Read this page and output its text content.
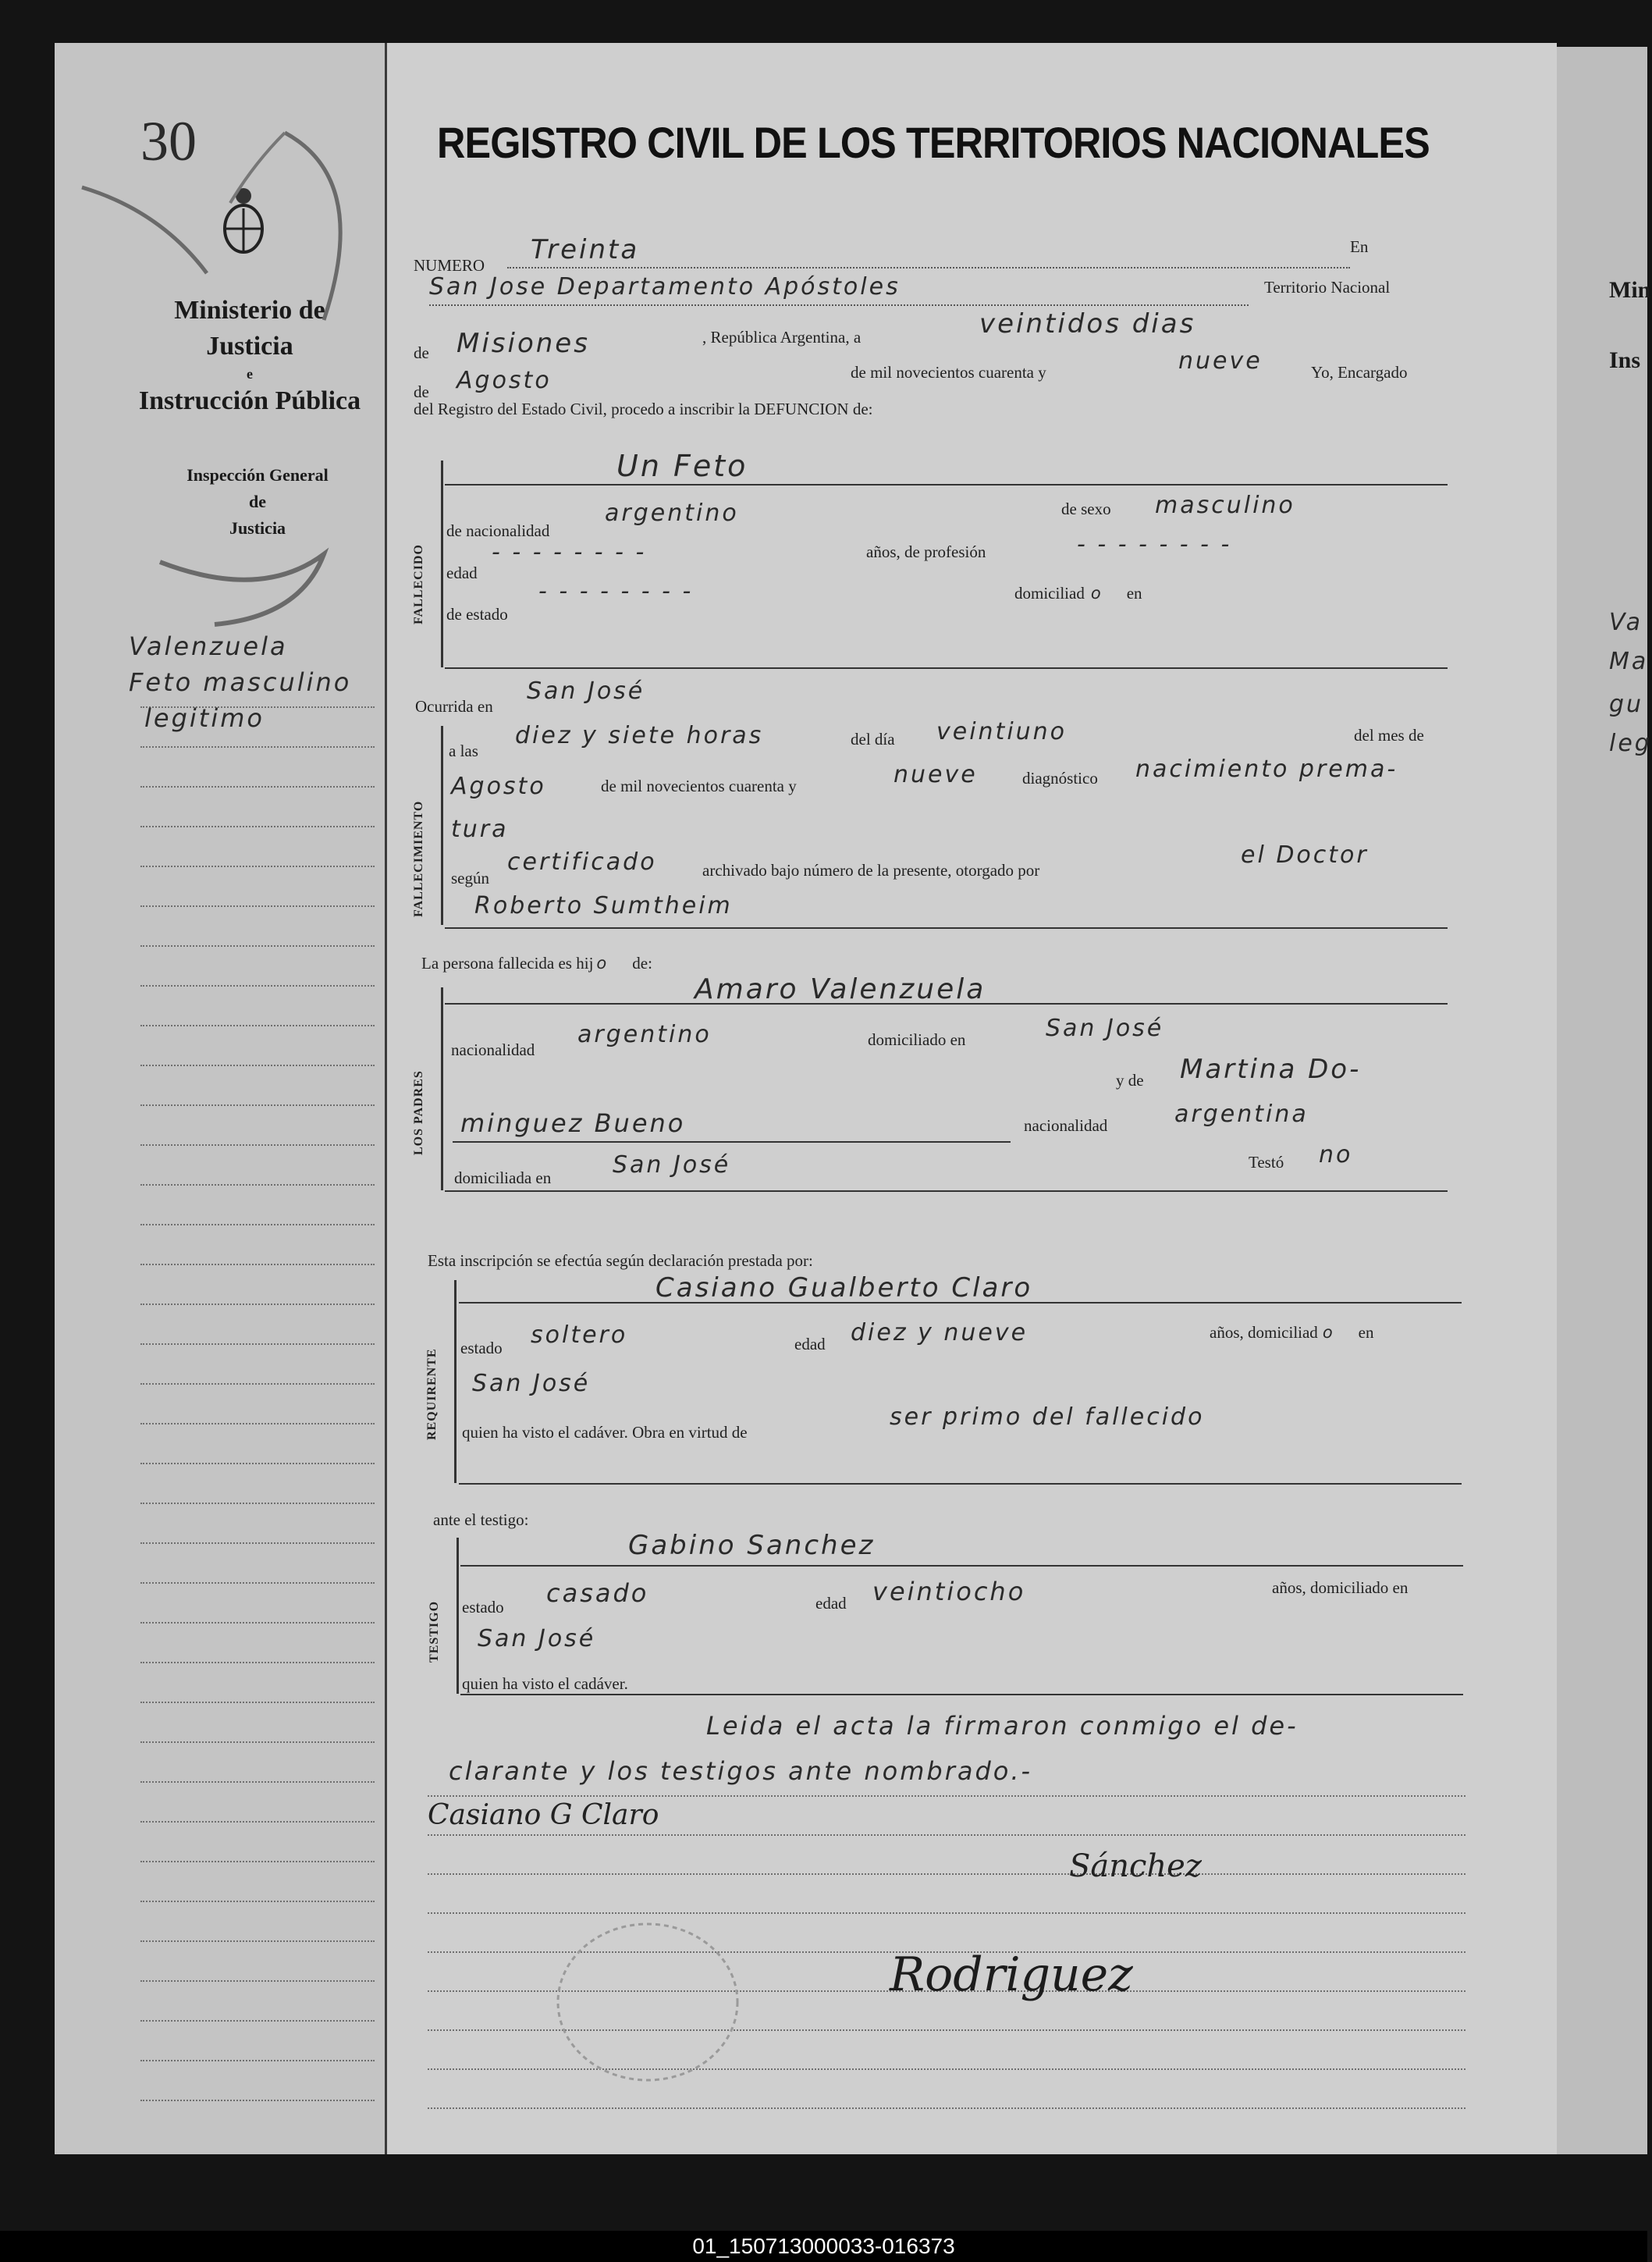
30
Ministerio de Justicia
e
Instrucción Pública
Inspección General
de
Justicia
Valenzuela
Feto masculino
legitimo
REGISTRO CIVIL DE LOS TERRITORIOS NACIONALES
NUMERO Treinta	En
San Jose Departamento Apóstoles	Territorio Nacional
de Misiones	, República Argentina, a	veintidos dias
de Agosto	de mil novecientos cuarenta y	nueve	Yo, Encargado
del Registro del Estado Civil, procedo a inscribir la DEFUNCION de:
FALLECIDO
Un Feto
de nacionalidad
argentino	de sexo masculino
edad
- - - - - - - -	años, de profesión	- - - - - - - -
de estado
- - - - - - - -	domiciliad o en
Ocurrida en
San José
FALLECIMIENTO
a las
diez y siete horas	del día veintiuno	del mes de
Agosto	de mil novecientos cuarenta y	nueve	diagnóstico nacimiento prema-
tura
según
certificado	archivado bajo número de la presente, otorgado por
el Doctor
Roberto Sumtheim
La persona fallecida es hij o de:
LOS PADRES
Amaro Valenzuela
nacionalidad
argentino	domiciliado en	San José
y de Martina Do-
minguez Bueno	nacionalidad	argentina
domiciliada en	San José	Testó no
Esta inscripción se efectúa según declaración prestada por:
REQUIRENTE
Casiano Gualberto Claro
estado soltero	edad diez y nueve	años, domiciliad o en
San José
quien ha visto el cadáver. Obra en virtud de
ser primo del fallecido
ante el testigo:
TESTIGO
Gabino Sanchez
estado casado	edad veintiocho	años, domiciliado en
San José
quien ha visto el cadáver.
Leida el acta la firmaron conmigo el de-
clarante y los testigos ante nombrado.-
Casiano G Claro
Sánchez
Rodriguez
Min
Ins
Va
Ma
gu
leg
01_150713000033-016373
